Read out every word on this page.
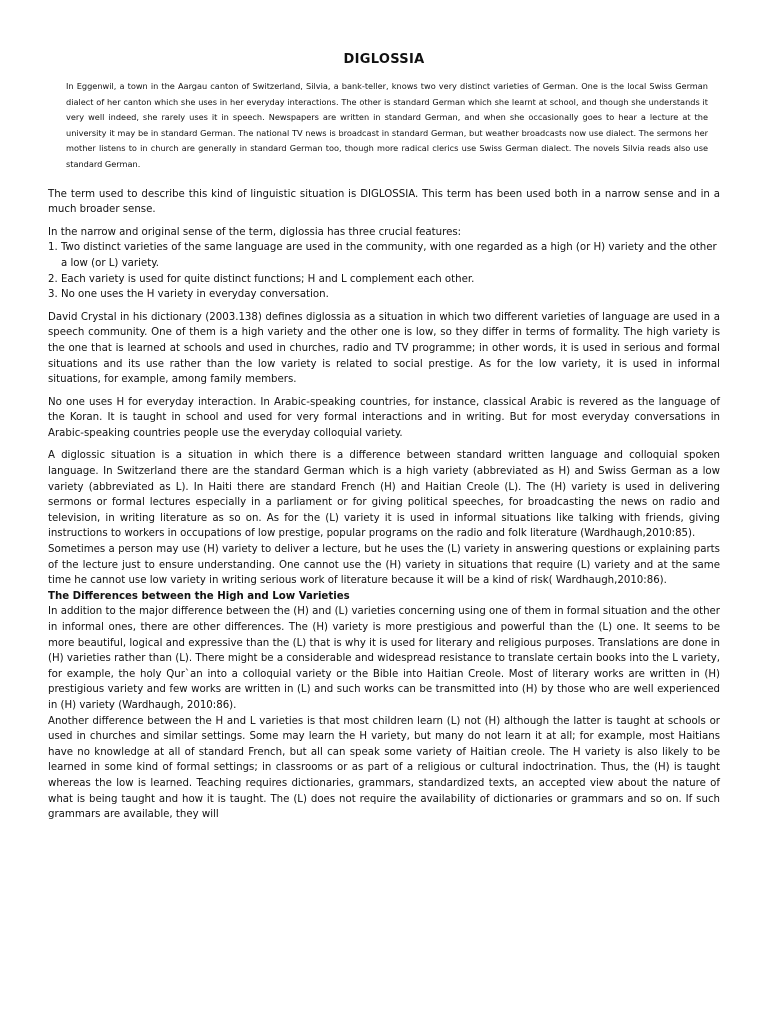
DIGLOSSIA

In Eggenwil, a town in the Aargau canton of Switzerland, Silvia, a bank-teller, knows two very distinct varieties of German. One is the local Swiss German dialect of her canton which she uses in her everyday interactions. The other is standard German which she learnt at school, and though she understands it very well indeed, she rarely uses it in speech. Newspapers are written in standard German, and when she occasionally goes to hear a lecture at the university it may be in standard German. The national TV news is broadcast in standard German, but weather broadcasts now use dialect. The sermons her mother listens to in church are generally in standard German too, though more radical clerics use Swiss German dialect. The novels Silvia reads also use standard German.

The term used to describe this kind of linguistic situation is DIGLOSSIA. This term has been used both in a narrow sense and in a much broader sense.

In the narrow and original sense of the term, diglossia has three crucial features:

1. Two distinct varieties of the same language are used in the community, with one regarded as a high (or H) variety and the other a low (or L) variety.
2. Each variety is used for quite distinct functions; H and L complement each other.
3. No one uses the H variety in everyday conversation.

David Crystal in his dictionary (2003.138) defines diglossia as a situation in which two different varieties of language are used in a speech community. One of them is a high variety and the other one is low, so they differ in terms of formality. The high variety is the one that is learned at schools and used in churches, radio and TV programme; in other words, it is used in serious and formal situations and its use rather than the low variety is related to social prestige. As for the low variety, it is used in informal situations, for example, among family members.

No one uses H for everyday interaction. In Arabic-speaking countries, for instance, classical Arabic is revered as the language of the Koran. It is taught in school and used for very formal interactions and in writing. But for most everyday conversations in Arabic-speaking countries people use the everyday colloquial variety.

A diglossic situation is a situation in which there is a difference between standard written language and colloquial spoken language. In Switzerland there are the standard German which is a high variety (abbreviated as H) and Swiss German as a low variety (abbreviated as L). In Haiti there are standard French (H) and Haitian Creole (L). The (H) variety is used in delivering sermons or formal lectures especially in a parliament or for giving political speeches, for broadcasting the news on radio and television, in writing literature as so on. As for the (L) variety it is used in informal situations like talking with friends, giving instructions to workers in occupations of low prestige, popular programs on the radio and folk literature (Wardhaugh,2010:85).

Sometimes a person may use (H) variety to deliver a lecture, but he uses the (L) variety in answering questions or explaining parts of the lecture just to ensure understanding. One cannot use the (H) variety in situations that require (L) variety and at the same time he cannot use low variety in writing serious work of literature because it will be a kind of risk( Wardhaugh,2010:86).

The Differences between the High and Low Varieties

In addition to the major difference between the (H) and (L) varieties concerning using one of them in formal situation and the other in informal ones, there are other differences. The (H) variety is more prestigious and powerful than the (L) one. It seems to be more beautiful, logical and expressive than the (L) that is why it is used for literary and religious purposes. Translations are done in (H) varieties rather than (L). There might be a considerable and widespread resistance to translate certain books into the L variety, for example, the holy Qur`an into a colloquial variety or the Bible into Haitian Creole. Most of literary works are written in (H) prestigious variety and few works are written in (L) and such works can be transmitted into (H) by those who are well experienced in (H) variety (Wardhaugh, 2010:86).

Another difference between the H and L varieties is that most children learn (L) not (H) although the latter is taught at schools or used in churches and similar settings. Some may learn the H variety, but many do not learn it at all; for example, most Haitians have no knowledge at all of standard French, but all can speak some variety of Haitian creole. The H variety is also likely to be learned in some kind of formal settings; in classrooms or as part of a religious or cultural indoctrination. Thus, the (H) is taught whereas the low is learned. Teaching requires dictionaries, grammars, standardized texts, an accepted view about the nature of what is being taught and how it is taught. The (L) does not require the availability of dictionaries or grammars and so on. If such grammars are available, they will
